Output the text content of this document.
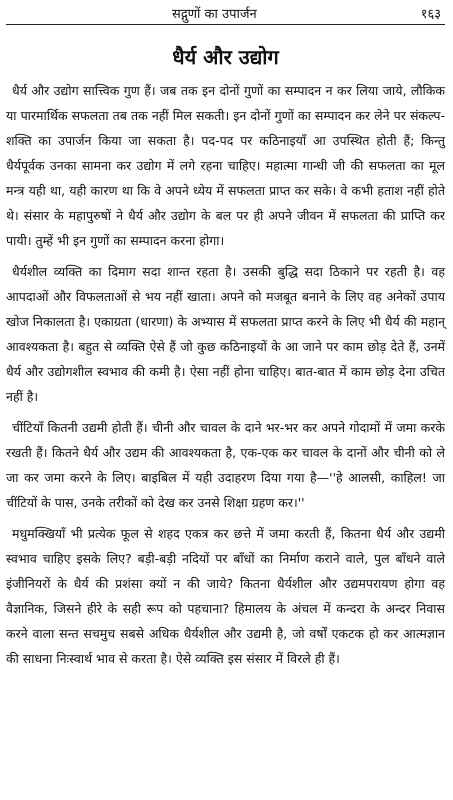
सद्गुणों का उपार्जन	१६३
धैर्य और उद्योग

धैर्य और उद्योग सात्त्विक गुण हैं। जब तक इन दोनों गुणों का सम्पादन न कर लिया जाये, लौकिक या पारमार्थिक सफलता तब तक नहीं मिल सकती। इन दोनों गुणों का सम्पादन कर लेने पर संकल्प-शक्ति का उपार्जन किया जा सकता है। पद-पद पर कठिनाइयाँ आ उपस्थित होती हैं; किन्तु धैर्यपूर्वक उनका सामना कर उद्योग में लगे रहना चाहिए। महात्मा गान्धी जी की सफलता का मूल मन्त्र यही था, यही कारण था कि वे अपने ध्येय में सफलता प्राप्त कर सके। वे कभी हताश नहीं होते थे। संसार के महापुरुषों ने धैर्य और उद्योग के बल पर ही अपने जीवन में सफलता की प्राप्ति कर पायी। तुम्हें भी इन गुणों का सम्पादन करना होगा।

धैर्यशील व्यक्ति का दिमाग सदा शान्त रहता है। उसकी बुद्धि सदा ठिकाने पर रहती है। वह आपदाओं और विफलताओं से भय नहीं खाता। अपने को मजबूत बनाने के लिए वह अनेकों उपाय खोज निकालता है। एकाग्रता (धारणा) के अभ्यास में सफलता प्राप्त करने के लिए भी धैर्य की महान् आवश्यकता है। बहुत से व्यक्ति ऐसे हैं जो कुछ कठिनाइयों के आ जाने पर काम छोड़ देते हैं, उनमें धैर्य और उद्योगशील स्वभाव की कमी है। ऐसा नहीं होना चाहिए। बात-बात में काम छोड़ देना उचित नहीं है।

चींटियाँ कितनी उद्यमी होती हैं। चीनी और चावल के दाने भर-भर कर अपने गोदामों में जमा करके रखती हैं। कितने धैर्य और उद्यम की आवश्यकता है, एक-एक कर चावल के दानों और चीनी को ले जा कर जमा करने के लिए। बाइबिल में यही उदाहरण दिया गया है—''हे आलसी, काहिल! जा चींटियों के पास, उनके तरीकों को देख कर उनसे शिक्षा ग्रहण कर।''

मधुमक्खियाँ भी प्रत्येक फूल से शहद एकत्र कर छत्ते में जमा करती हैं, कितना धैर्य और उद्यमी स्वभाव चाहिए इसके लिए? बड़ी-बड़ी नदियों पर बाँधों का निर्माण कराने वाले, पुल बाँधने वाले इंजीनियरों के धैर्य की प्रशंसा क्यों न की जाये? कितना धैर्यशील और उद्यमपरायण होगा वह वैज्ञानिक, जिसने हीरे के सही रूप को पहचाना? हिमालय के अंचल में कन्दरा के अन्दर निवास करने वाला सन्त सचमुच सबसे अधिक धैर्यशील और उद्यमी है, जो वर्षों एकटक हो कर आत्मज्ञान की साधना निःस्वार्थ भाव से करता है। ऐसे व्यक्ति इस संसार में विरले ही हैं।
